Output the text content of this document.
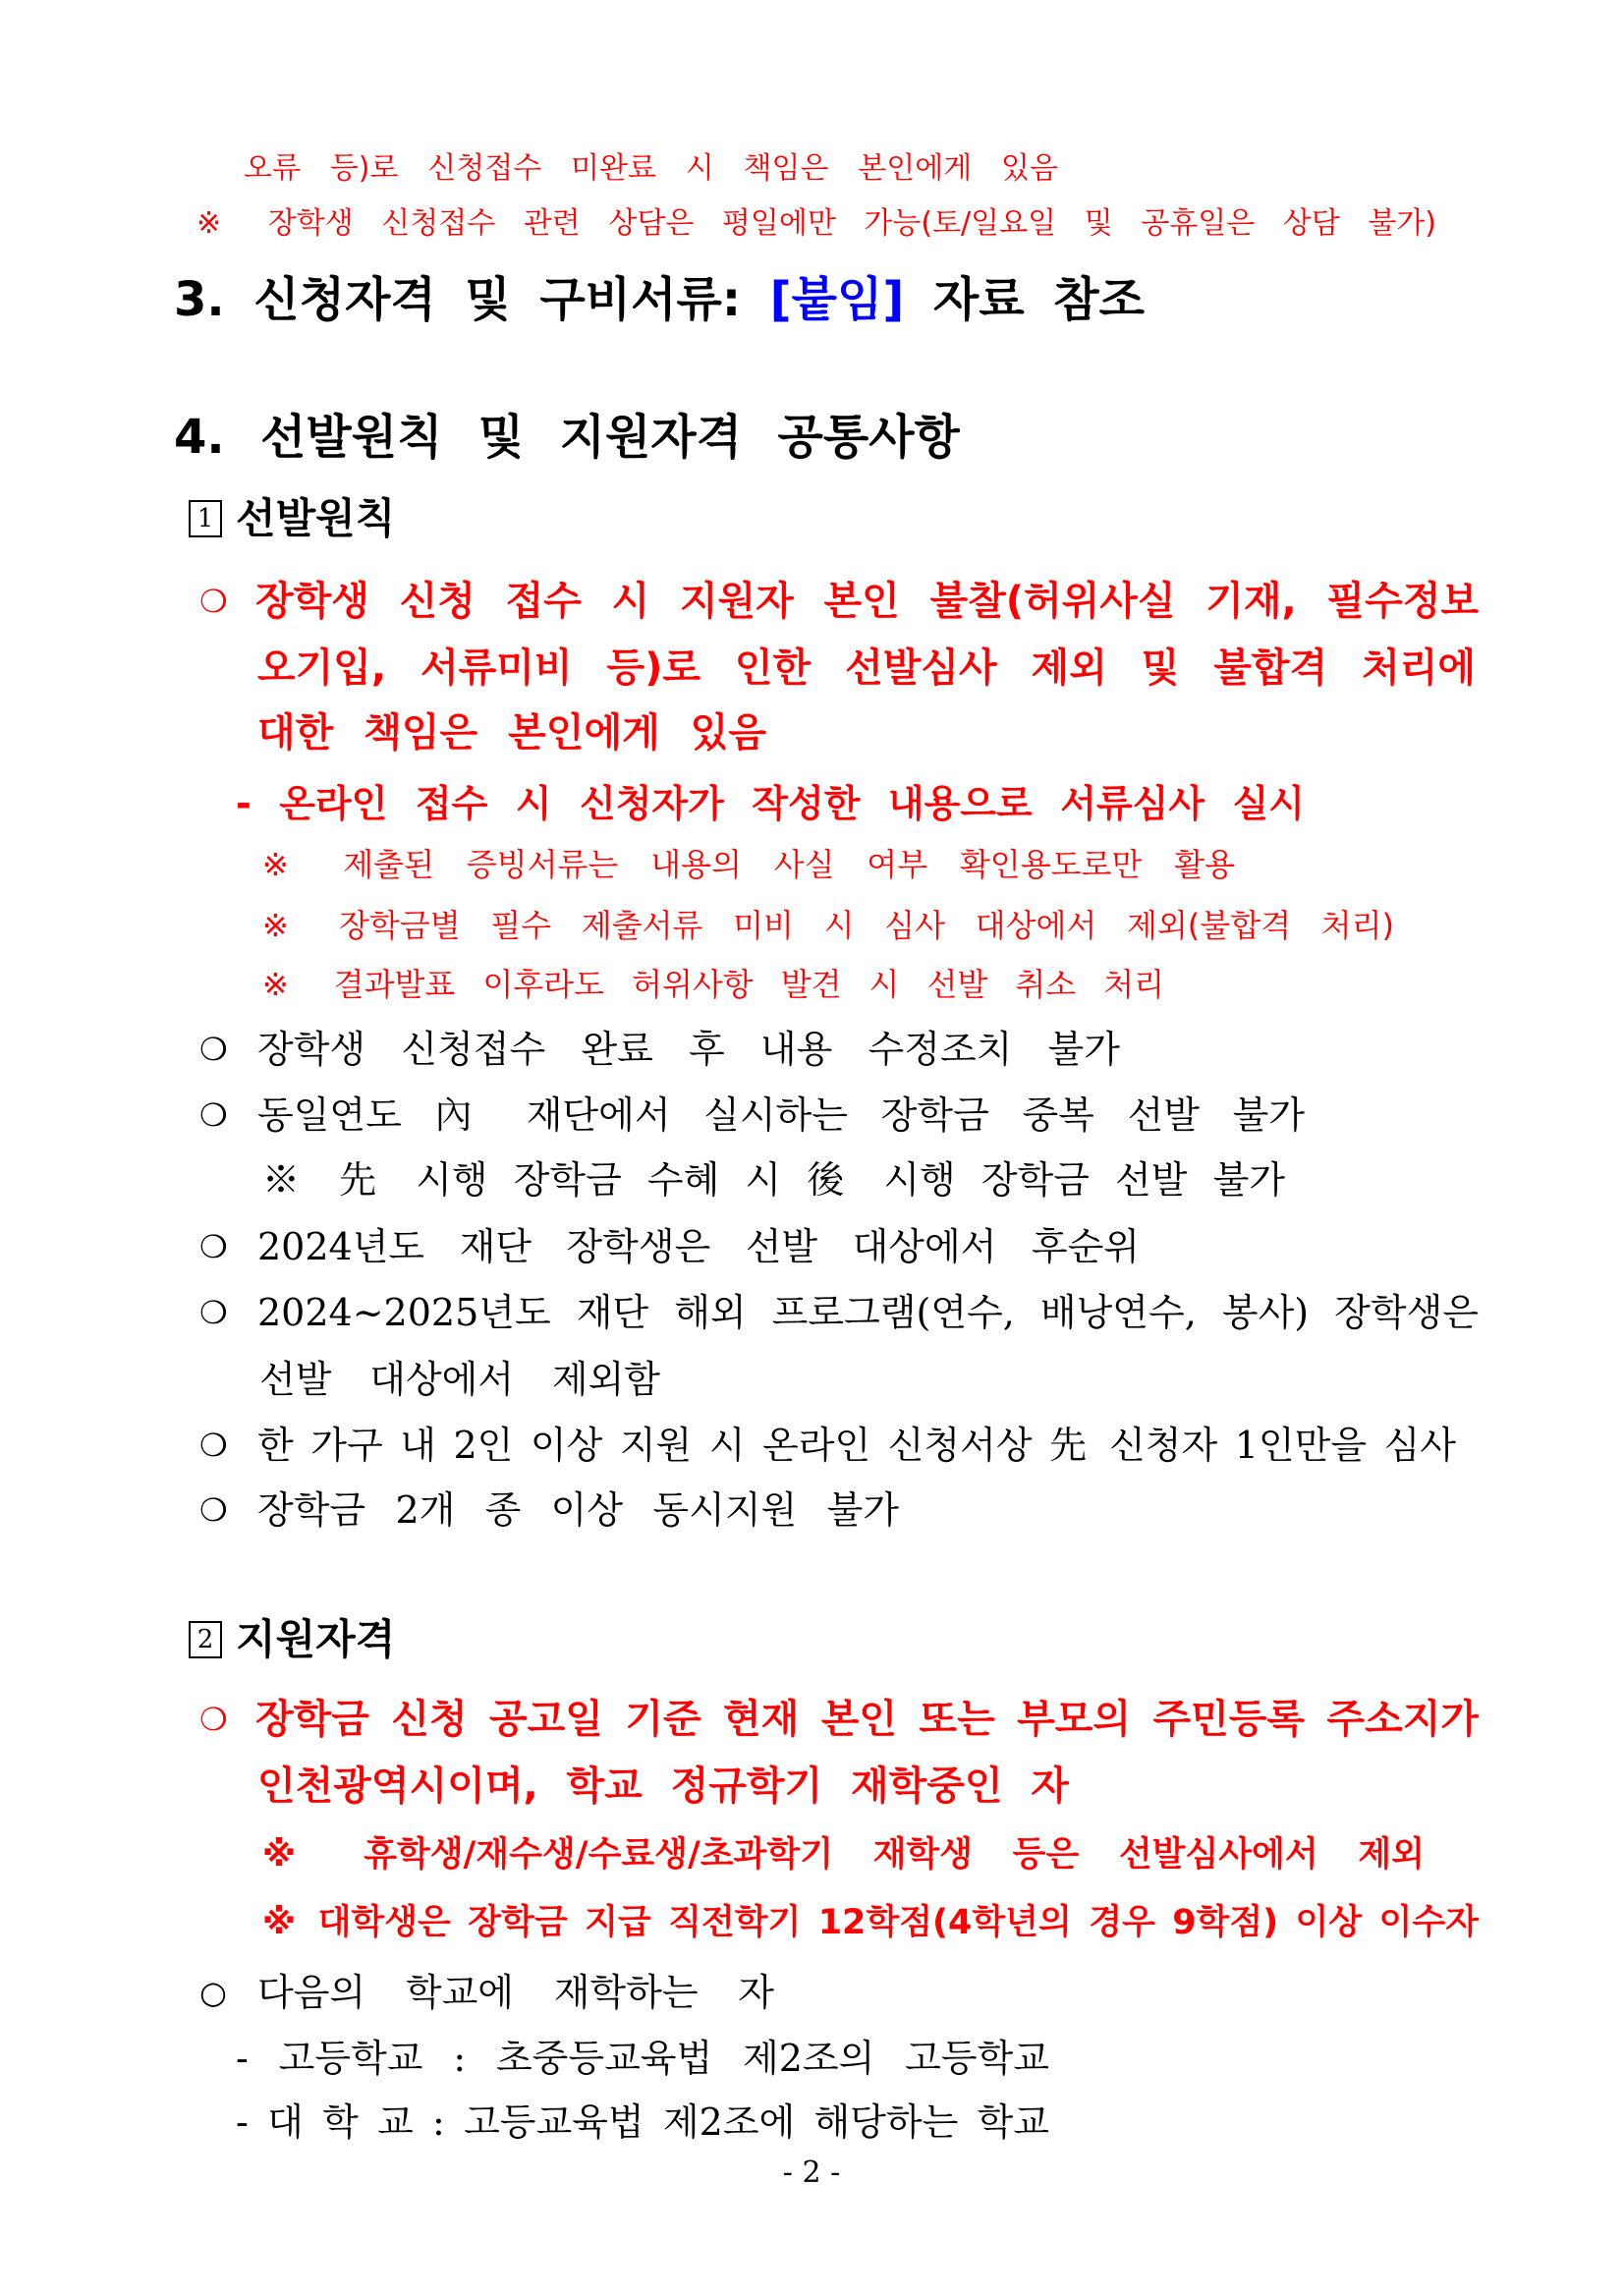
오류 등)로 신청접수 미완료 시 책임은 본인에게 있음
※ 장학생 신청접수 관련 상담은 평일에만 가능(토/일요일 및 공휴일은 상담 불가)
3. 신청자격 및 구비서류: [붙임] 자료 참조
4. 선발원칙 및 지원자격 공통사항
1 선발원칙
❍ 장학생 신청 접수 시 지원자 본인 불찰(허위사실 기재, 필수정보
오기입, 서류미비 등)로 인한 선발심사 제외 및 불합격 처리에
대한 책임은 본인에게 있음
- 온라인 접수 시 신청자가 작성한 내용으로 서류심사 실시
※ 제출된 증빙서류는 내용의 사실 여부 확인용도로만 활용
※ 장학금별 필수 제출서류 미비 시 심사 대상에서 제외(불합격 처리)
※ 결과발표 이후라도 허위사항 발견 시 선발 취소 처리
❍ 장학생 신청접수 완료 후 내용 수정조치 불가
❍ 동일연도 內 재단에서 실시하는 장학금 중복 선발 불가
※ 先 시행 장학금 수혜 시 後 시행 장학금 선발 불가
❍ 2024년도 재단 장학생은 선발 대상에서 후순위
❍ 2024~2025년도 재단 해외 프로그램(연수, 배낭연수, 봉사) 장학생은
선발 대상에서 제외함
❍ 한 가구 내 2인 이상 지원 시 온라인 신청서상 先 신청자 1인만을 심사
❍ 장학금 2개 종 이상 동시지원 불가
2 지원자격
❍ 장학금 신청 공고일 기준 현재 본인 또는 부모의 주민등록 주소지가
인천광역시이며, 학교 정규학기 재학중인 자
※ 휴학생/재수생/수료생/초과학기 재학생 등은 선발심사에서 제외
※ 대학생은 장학금 지급 직전학기 12학점(4학년의 경우 9학점) 이상 이수자
○ 다음의 학교에 재학하는 자
- 고등학교 : 초중등교육법 제2조의 고등학교
- 대 학 교 : 고등교육법 제2조에 해당하는 학교
- 2 -
